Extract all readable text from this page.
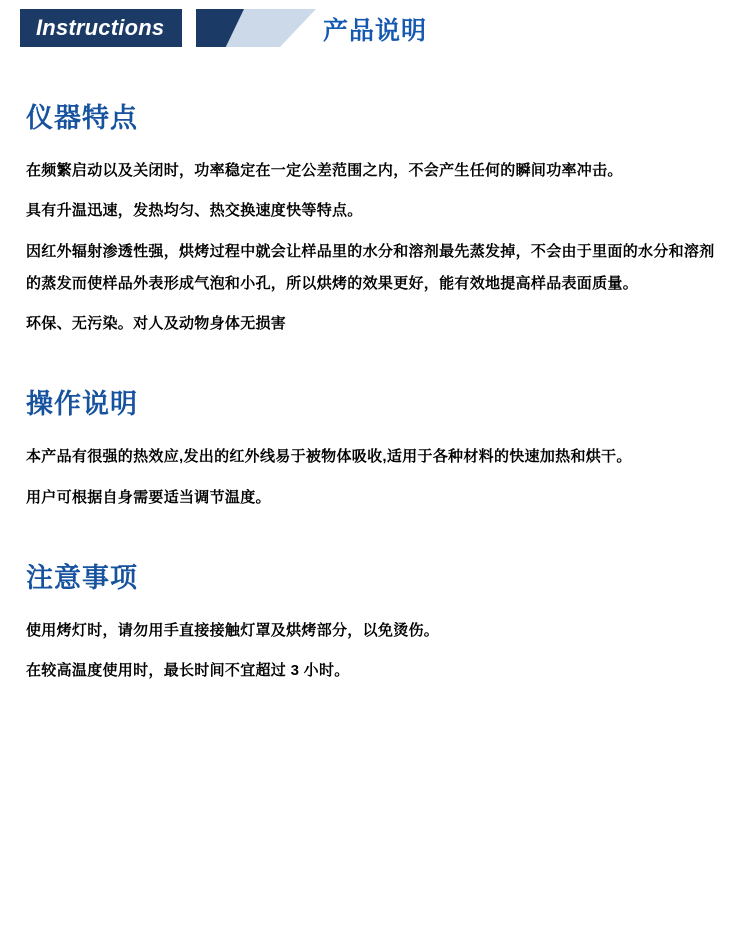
Instructions	产品说明
仪器特点

在频繁启动以及关闭时，功率稳定在一定公差范围之内，不会产生任何的瞬间功率冲击。

具有升温迅速，发热均匀、热交换速度快等特点。

因红外辐射渗透性强，烘烤过程中就会让样品里的水分和溶剂最先蒸发掉，不会由于里面的水分和溶剂的蒸发而使样品外表形成气泡和小孔，所以烘烤的效果更好，能有效地提高样品表面质量。

环保、无污染。对人及动物身体无损害

操作说明

本产品有很强的热效应,发出的红外线易于被物体吸收,适用于各种材料的快速加热和烘干。

用户可根据自身需要适当调节温度。

注意事项

使用烤灯时，请勿用手直接接触灯罩及烘烤部分，以免烫伤。

在较高温度使用时，最长时间不宜超过 3 小时。
